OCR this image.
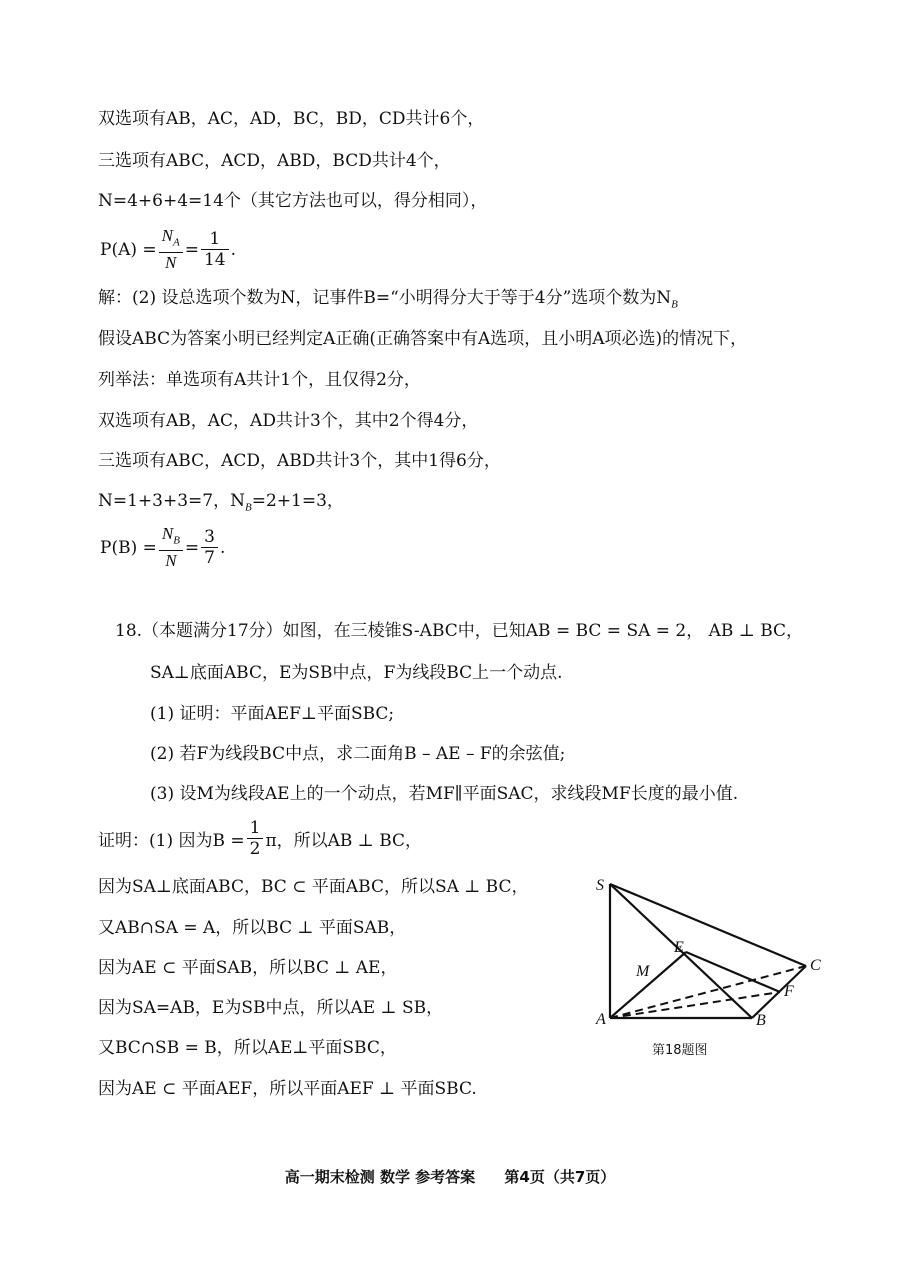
双选项有AB，AC，AD，BC，BD，CD共计6个，
三选项有ABC，ACD，ABD，BCD共计4个，
N=4+6+4=14个（其它方法也可以，得分相同），
$P(A) = \frac{N_A}{N} = \frac{1}{14}$ .
解：(2) 设总选项个数为N，记事件B=“小明得分大于等于4分”选项个数为$N_B$
假设ABC为答案小明已经判定A正确(正确答案中有A选项，且小明A项必选)的情况下，
列举法：单选项有A共计1个，且仅得2分，
双选项有AB，AC，AD共计3个，其中2个得4分，
三选项有ABC，ACD，ABD共计3个，其中1得6分，
N=1+3+3=7，$N_B=2+1=3$，
$P(B) = \frac{N_B}{N} = \frac{3}{7}$ .
18.（本题满分17分）如图，在三棱锥S-ABC中，已知AB = BC = SA = 2， AB ⊥ BC，
SA⊥底面ABC，E为SB中点，F为线段BC上一个动点.
(1) 证明：平面AEF⊥平面SBC;
(2) 若F为线段BC中点，求二面角B – AE – F的余弦值;
(3) 设M为线段AE上的一个动点，若MF∥平面SAC，求线段MF长度的最小值.
证明：(1) 因为$B = \frac{1}{2}$ π，所以AB ⊥ BC，
因为SA⊥底面ABC，BC ⊂ 平面ABC，所以SA ⊥ BC，
又AB∩SA = A，所以BC ⊥ 平面SAB，
因为AE ⊂ 平面SAB，所以BC ⊥ AE，
因为SA=AB，E为SB中点，所以AE ⊥ SB，
又BC∩SB = B，所以AE⊥平面SBC，
因为AE ⊂ 平面AEF，所以平面AEF ⊥ 平面SBC.
S
A	B
C
E
F
M
第18题图
高一期末检测 数学 参考答案 第4页（共7页）
